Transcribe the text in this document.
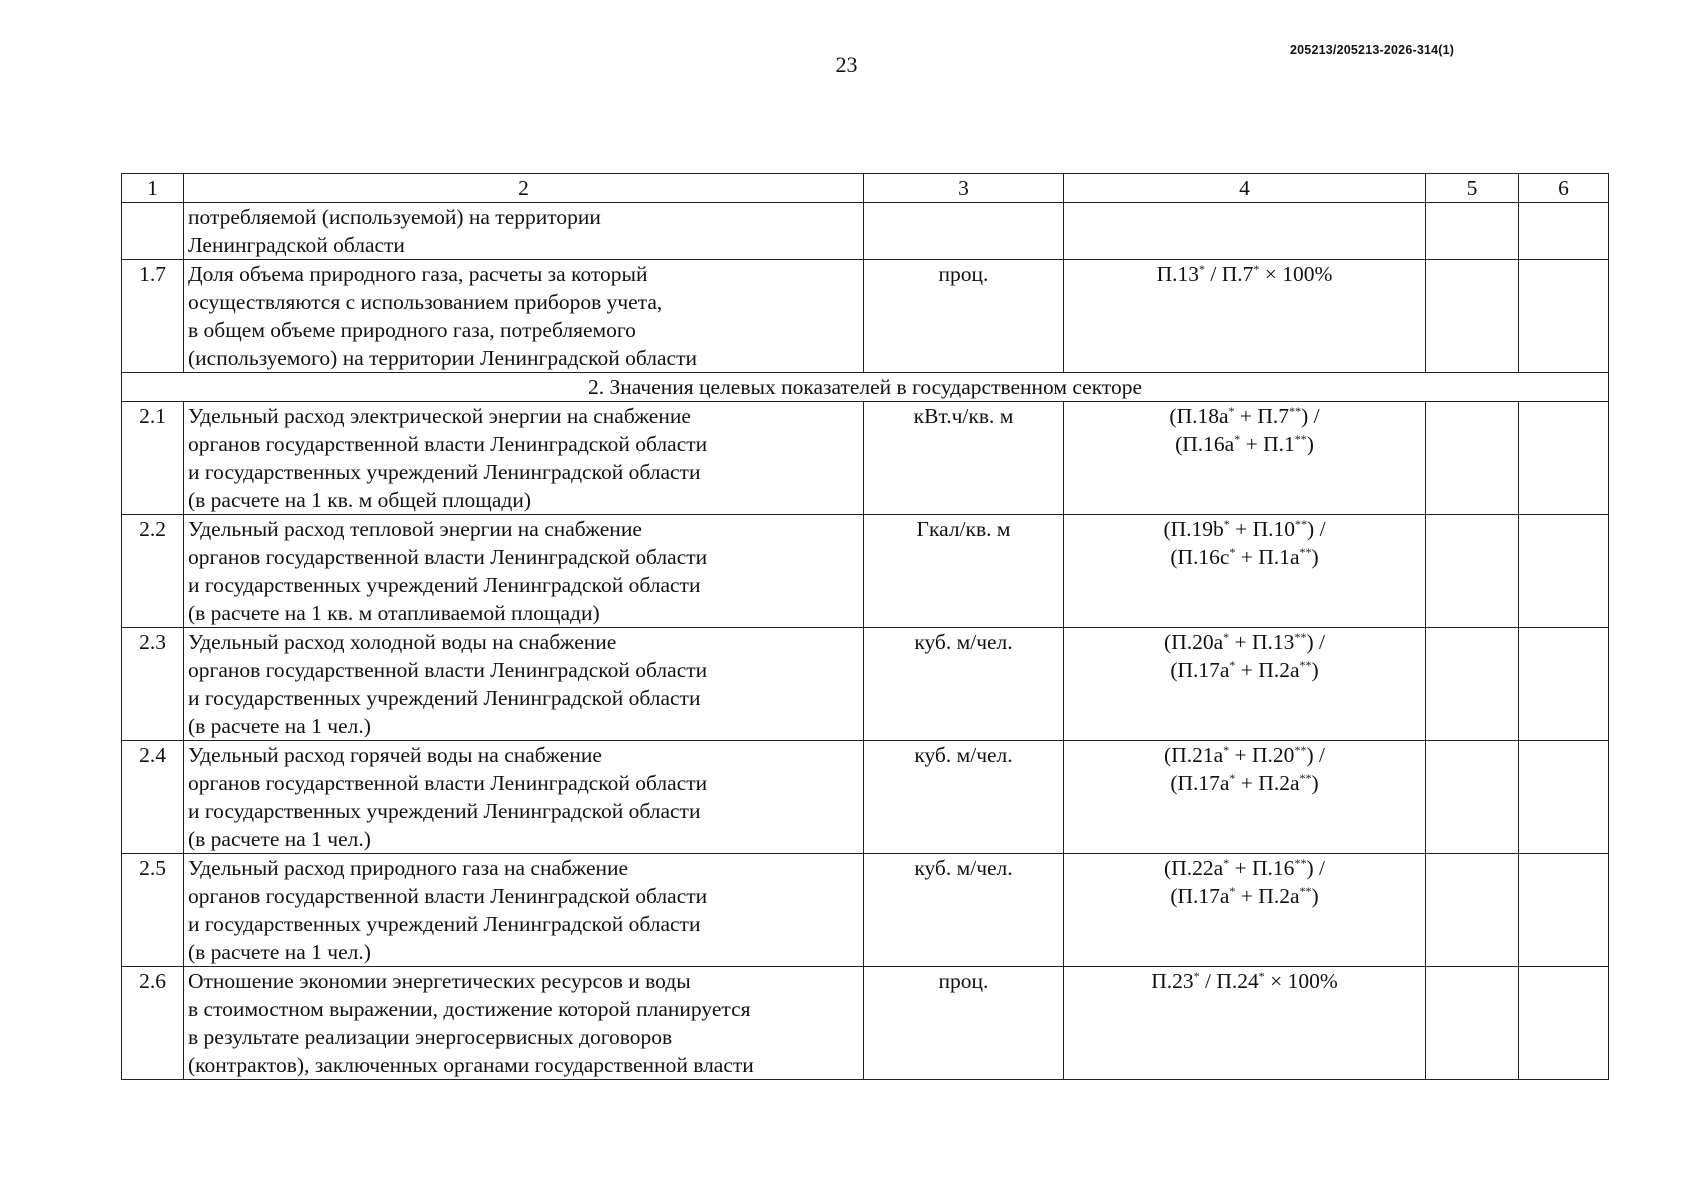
23
205213/205213-2026-314(1)
1	2	3	4	5	6

	потребляемой (используемой) на территории
Ленинградской области				

1.7	Доля объема природного газа, расчеты за который
осуществляются с использованием приборов учета,
в общем объеме природного газа, потребляемого
(используемого) на территории Ленинградской области	проц.	П.13* / П.7* × 100%		

2. Значения целевых показателей в государственном секторе					
2.1	Удельный расход электрической энергии на снабжение
органов государственной власти Ленинградской области
и государственных учреждений Ленинградской области
(в расчете на 1 кв. м общей площади)	кВт.ч/кв. м	(П.18а* + П.7**) /
(П.16а* + П.1**)		

2.2	Удельный расход тепловой энергии на снабжение
органов государственной власти Ленинградской области
и государственных учреждений Ленинградской области
(в расчете на 1 кв. м отапливаемой площади)	Гкал/кв. м	(П.19b* + П.10**) /
(П.16с* + П.1а**)		

2.3	Удельный расход холодной воды на снабжение
органов государственной власти Ленинградской области
и государственных учреждений Ленинградской области
(в расчете на 1 чел.)	куб. м/чел.	(П.20а* + П.13**) /
(П.17а* + П.2а**)		

2.4	Удельный расход горячей воды на снабжение
органов государственной власти Ленинградской области
и государственных учреждений Ленинградской области
(в расчете на 1 чел.)	куб. м/чел.	(П.21а* + П.20**) /
(П.17а* + П.2а**)		

2.5	Удельный расход природного газа на снабжение
органов государственной власти Ленинградской области
и государственных учреждений Ленинградской области
(в расчете на 1 чел.)	куб. м/чел.	(П.22а* + П.16**) /
(П.17а* + П.2а**)		

2.6	Отношение экономии энергетических ресурсов и воды
в стоимостном выражении, достижение которой планируется
в результате реализации энергосервисных договоров
(контрактов), заключенных органами государственной власти	проц.	П.23* / П.24* × 100%		
